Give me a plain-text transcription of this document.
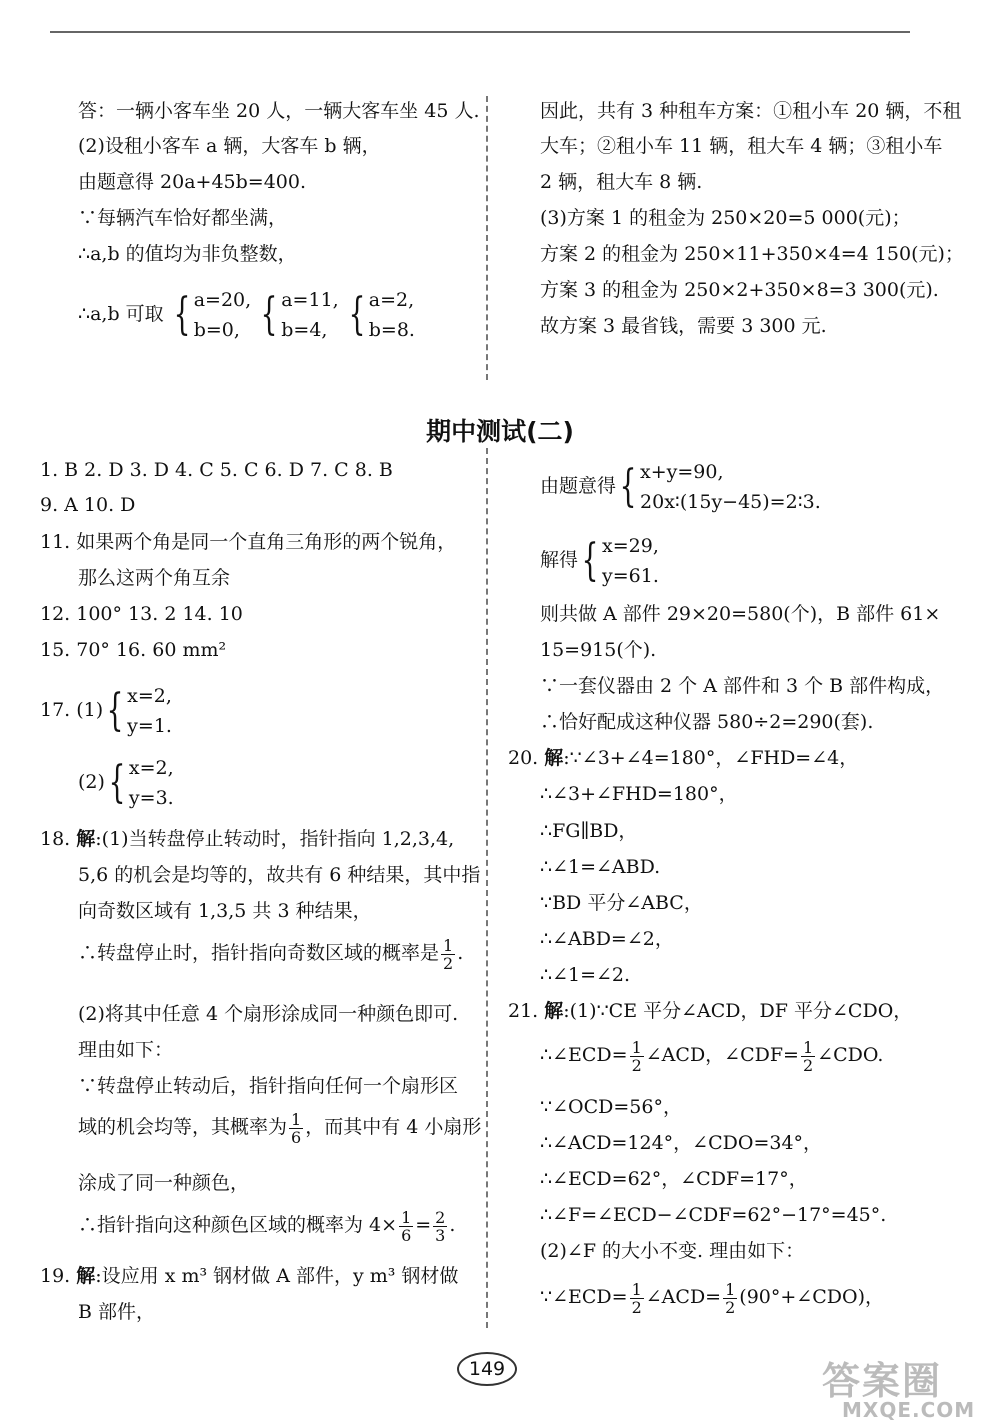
答：一辆小客车坐 20 人，一辆大客车坐 45 人.
(2)设租小客车 a 辆，大客车 b 辆，
由题意得 20a+45b=400.
∵每辆汽车恰好都坐满，
∴a,b 的值均为非负整数，
∴a,b 可取 { a=20,
b=0,
{ a=11,
b=4,
{ a=2,
b=8.
因此，共有 3 种租车方案：①租小车 20 辆，不租
大车；②租小车 11 辆，租大车 4 辆；③租小车
2 辆，租大车 8 辆.
(3)方案 1 的租金为 250×20=5 000(元)；
方案 2 的租金为 250×11+350×4=4 150(元)；
方案 3 的租金为 250×2+350×8=3 300(元).
故方案 3 最省钱，需要 3 300 元.
期中测试(二)
1. B 2. D 3. D 4. C 5. C 6. D 7. C 8. B
9. A 10. D
11. 如果两个角是同一个直角三角形的两个锐角，
那么这两个角互余
12. 100° 13. 2 14. 10
15. 70° 16. 60 mm²
17. (1) { x=2,
y=1.
(2) { x=2,
y=3.
18. 解:(1)当转盘停止转动时，指针指向 1,2,3,4,
5,6 的机会是均等的，故共有 6 种结果，其中指
向奇数区域有 1,3,5 共 3 种结果，
∴转盘停止时，指针指向奇数区域的概率是 $\frac{1}{2}$ .
(2)将其中任意 4 个扇形涂成同一种颜色即可.
理由如下：
∵转盘停止转动后，指针指向任何一个扇形区
域的机会均等，其概率为 $\frac{1}{6}$ ，而其中有 4 小扇形
涂成了同一种颜色，
∴指针指向这种颜色区域的概率为 $4\times \frac{1}{6} = \frac{2}{3}$ .
19. 解:设应用 x m³ 钢材做 A 部件，y m³ 钢材做
B 部件，
由题意得 { x+y=90,
20x∶(15y−45)=2∶3.
解得 { x=29,
y=61.
则共做 A 部件 29×20=580(个)，B 部件 61×
15=915(个).
∵一套仪器由 2 个 A 部件和 3 个 B 部件构成，
∴恰好配成这种仪器 580÷2=290(套).
20. 解:∵∠3+∠4=180°，∠FHD=∠4，
∴∠3+∠FHD=180°，
∴FG∥BD，
∴∠1=∠ABD.
∵BD 平分∠ABC，
∴∠ABD=∠2，
∴∠1=∠2.
21. 解:(1)∵CE 平分∠ACD，DF 平分∠CDO，
∴∠ECD= $\frac{1}{2}$ ∠ACD，∠CDF= $\frac{1}{2}$ ∠CDO.
∵∠OCD=56°，
∴∠ACD=124°，∠CDO=34°，
∴∠ECD=62°，∠CDF=17°，
∴∠F=∠ECD−∠CDF=62°−17°=45°.
(2)∠F 的大小不变. 理由如下：
∵∠ECD= $\frac{1}{2}$ ∠ACD= $\frac{1}{2}$ (90°+∠CDO)，
149	答案圈
MXQE.COM
